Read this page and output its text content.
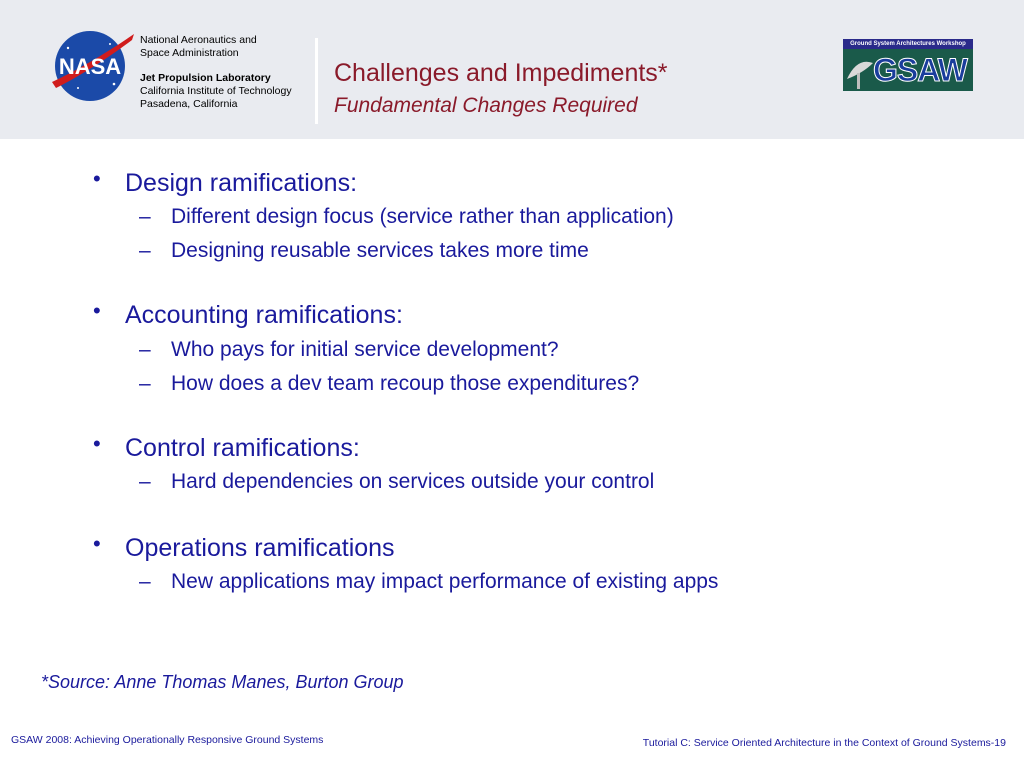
NASA
National Aeronautics and
Space Administration
Jet Propulsion Laboratory
California Institute of Technology
Pasadena, California
Challenges and Impediments*
Fundamental Changes Required
Ground System Architectures Workshop
GSAW
• Design ramifications:
– Different design focus (service rather than application)
– Designing reusable services takes more time
• Accounting ramifications:
– Who pays for initial service development?
– How does a dev team recoup those expenditures?
• Control ramifications:
– Hard dependencies on services outside your control
• Operations ramifications
– New applications may impact performance of existing apps
*Source: Anne Thomas Manes, Burton Group
GSAW 2008: Achieving Operationally Responsive Ground Systems	Tutorial C: Service Oriented Architecture in the Context of Ground Systems-19
